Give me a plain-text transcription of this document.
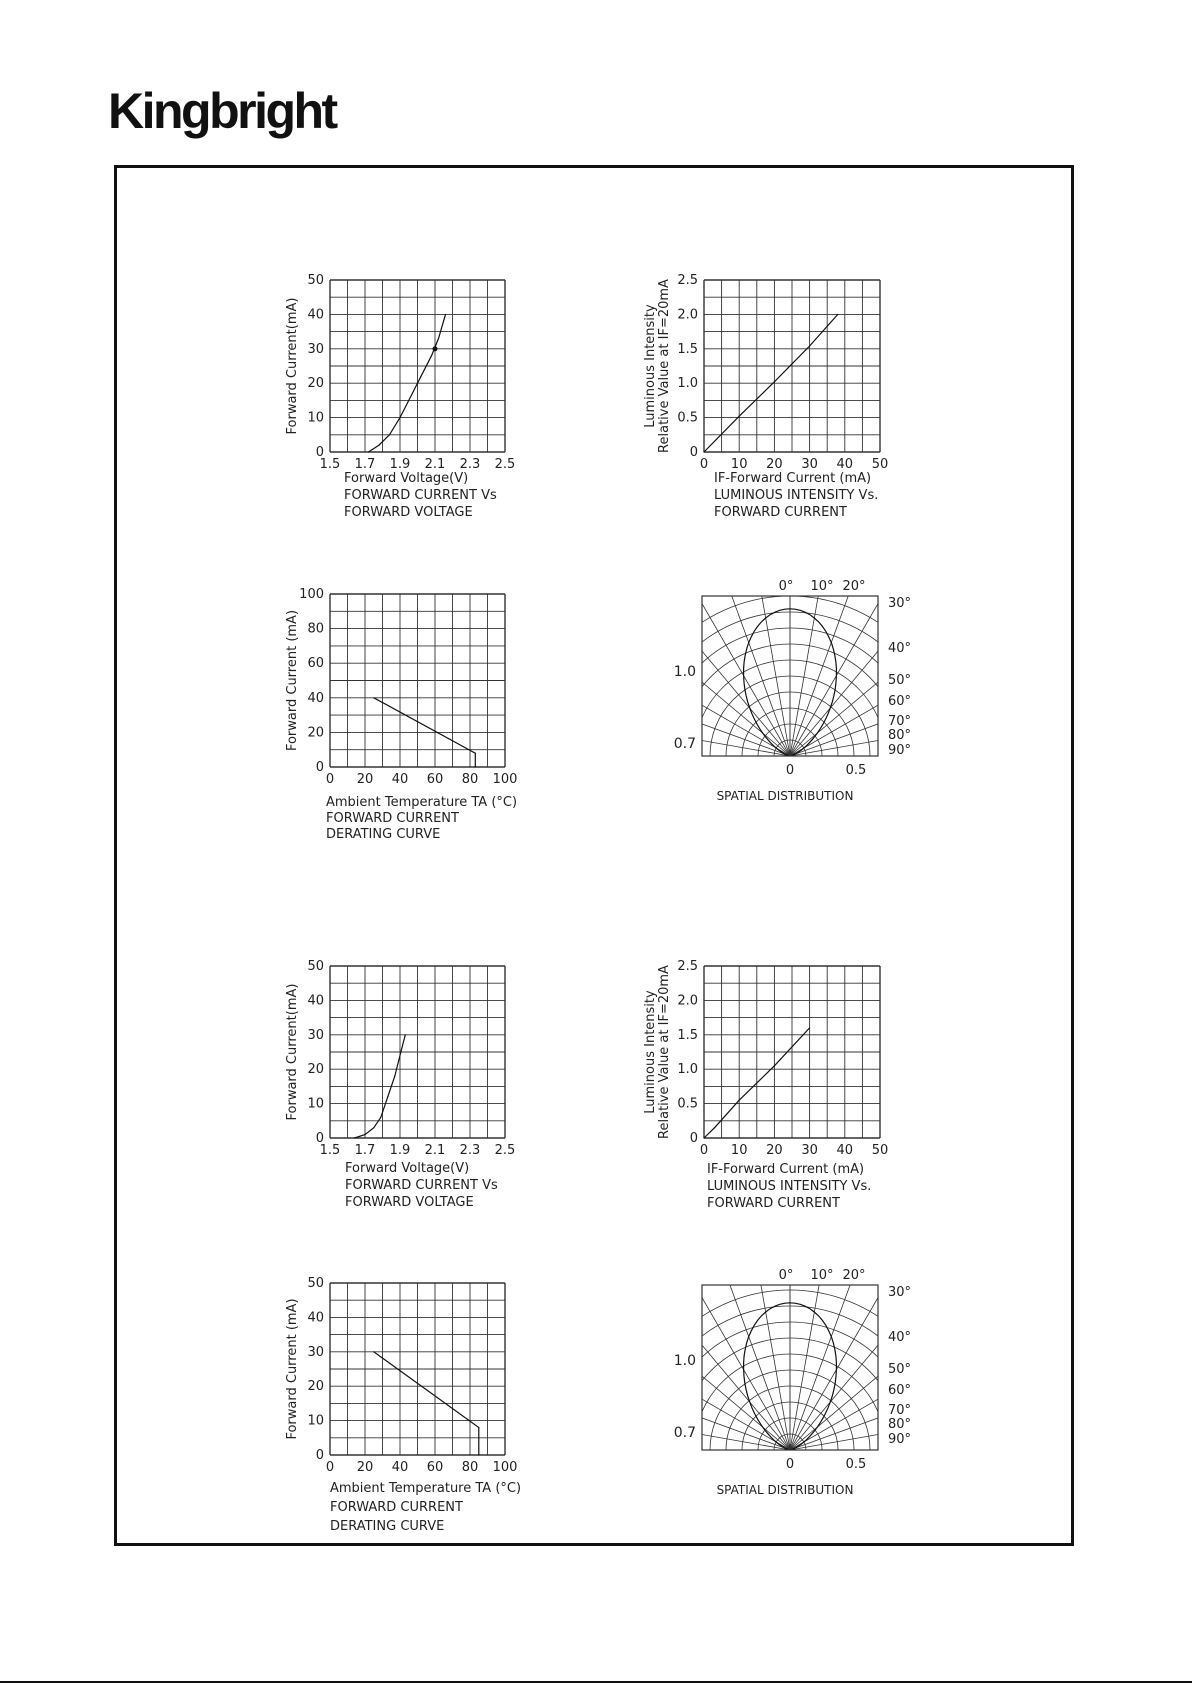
Kingbright
1.5 1.7 1.9 2.1 2.3 2.5
0
10
20
30
40
50
Forward Current(mA)
Forward Voltage(V)
FORWARD CURRENT Vs
FORWARD VOLTAGE
0 10 20 30 40 50
0
0.5
1.0
1.5
2.0
2.5
Luminous Intensity Relative Value at IF=20mA
IF-Forward Current (mA)
LUMINOUS INTENSITY Vs.
FORWARD CURRENT
0 20 40 60 80 100
0
20
40
60
80
100
Forward Current (mA)
Ambient Temperature TA (°C)
FORWARD CURRENT
DERATING CURVE
0° 10° 20°
30°
40°
50°
60°
70°
80°
90°
1.0
0.7
0	0.5
SPATIAL DISTRIBUTION
1.5 1.7 1.9 2.1 2.3 2.5
0
10
20
30
40
50
Forward Current(mA)
Forward Voltage(V)
FORWARD CURRENT Vs
FORWARD VOLTAGE
0 10 20 30 40 50
0
0.5
1.0
1.5
2.0
2.5
Luminous Intensity Relative Value at IF=20mA
IF-Forward Current (mA)
LUMINOUS INTENSITY Vs.
FORWARD CURRENT
0 20 40 60 80 100
0
10
20
30
40
50
Forward Current (mA)
Ambient Temperature TA (°C)
FORWARD CURRENT
DERATING CURVE
0° 10° 20°
30°
40°
50°
60°
70°
80°
90°
1.0
0.7
0	0.5
SPATIAL DISTRIBUTION
